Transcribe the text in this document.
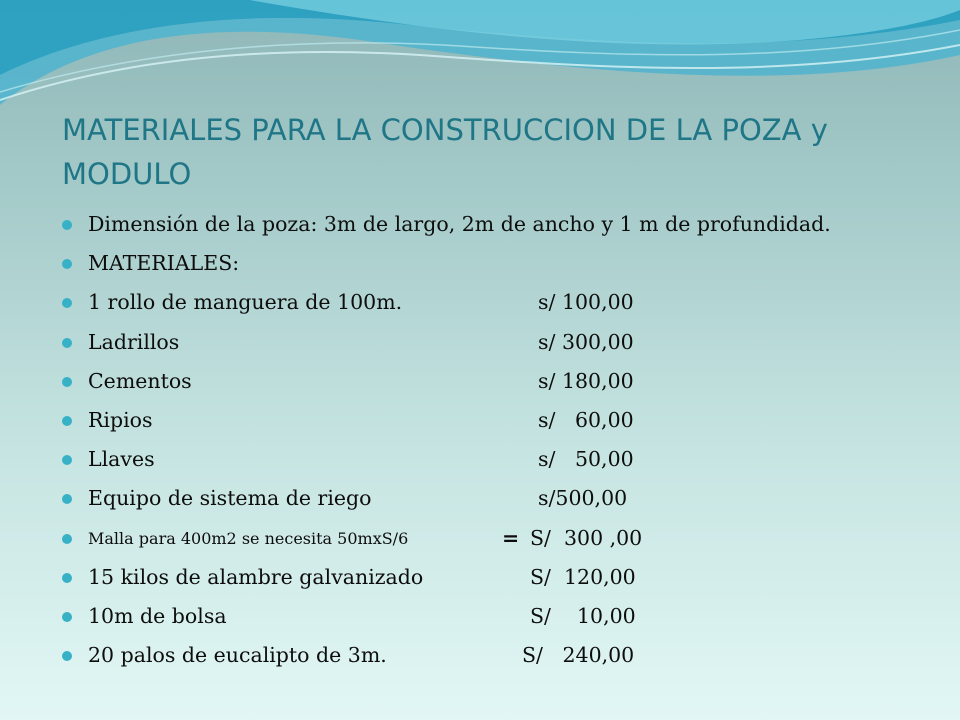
MATERIALES PARA LA CONSTRUCCION DE LA POZA y MODULO
Dimensión de la poza: 3m de largo, 2m de ancho y 1 m de profundidad.
MATERIALES:
1 rollo de manguera de 100m.	s/ 100,00
Ladrillos	s/ 300,00
Cementos	s/ 180,00
Ripios	s/   60,00
Llaves	s/   50,00
Equipo de sistema de riego	s/500,00
Malla para 400m2 se necesita 50mxS/6	= S/  300 ,00
15 kilos de alambre galvanizado	S/  120,00
10m de bolsa	S/    10,00
20 palos de eucalipto de 3m.	S/   240,00
